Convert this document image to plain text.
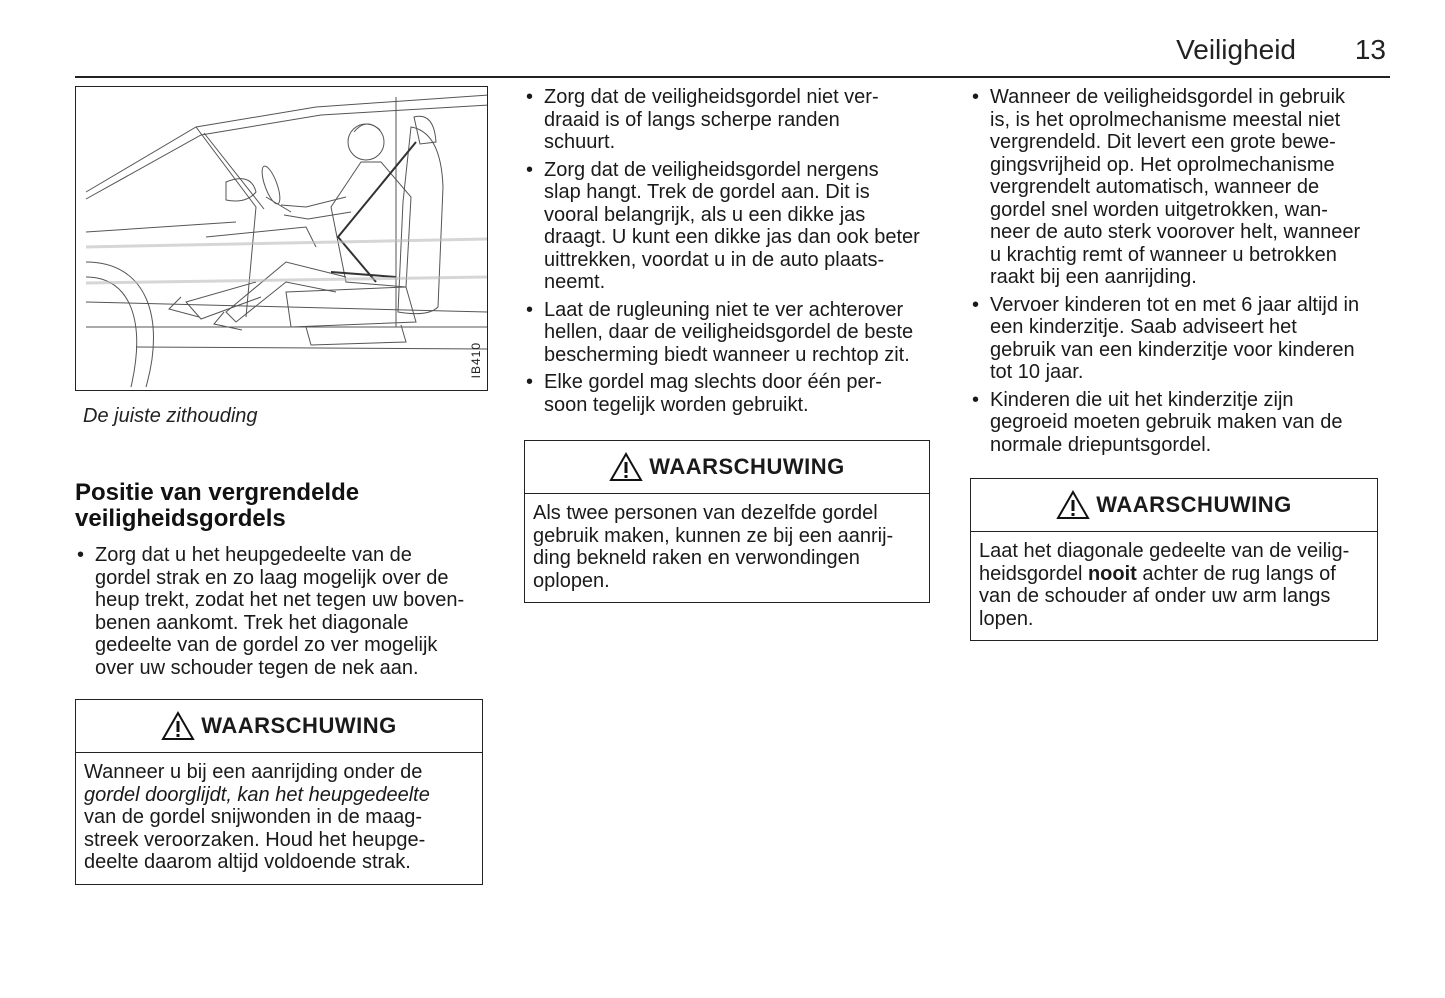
Veiligheid 13
IB410
De juiste zithouding
Positie van vergrendelde
veiligheidsgordels
• Zorg dat u het heupgedeelte van de
gordel strak en zo laag mogelijk over de
heup trekt, zodat het net tegen uw boven-
benen aankomt. Trek het diagonale
gedeelte van de gordel zo ver mogelijk
over uw schouder tegen de nek aan.
WAARSCHUWING
Wanneer u bij een aanrijding onder de
gordel doorglijdt, kan het heupgedeelte
van de gordel snijwonden in de maag-
streek veroorzaken. Houd het heupge-
deelte daarom altijd voldoende strak.
• Zorg dat de veiligheidsgordel niet ver-
draaid is of langs scherpe randen
schuurt.
• Zorg dat de veiligheidsgordel nergens
slap hangt. Trek de gordel aan. Dit is
vooral belangrijk, als u een dikke jas
draagt. U kunt een dikke jas dan ook beter
uittrekken, voordat u in de auto plaats-
neemt.
• Laat de rugleuning niet te ver achterover
hellen, daar de veiligheidsgordel de beste
bescherming biedt wanneer u rechtop zit.
• Elke gordel mag slechts door één per-
soon tegelijk worden gebruikt.
WAARSCHUWING
Als twee personen van dezelfde gordel
gebruik maken, kunnen ze bij een aanrij-
ding bekneld raken en verwondingen
oplopen.
• Wanneer de veiligheidsgordel in gebruik
is, is het oprolmechanisme meestal niet
vergrendeld. Dit levert een grote bewe-
gingsvrijheid op. Het oprolmechanisme
vergrendelt automatisch, wanneer de
gordel snel worden uitgetrokken, wan-
neer de auto sterk voorover helt, wanneer
u krachtig remt of wanneer u betrokken
raakt bij een aanrijding.
• Vervoer kinderen tot en met 6 jaar altijd in
een kinderzitje. Saab adviseert het
gebruik van een kinderzitje voor kinderen
tot 10 jaar.
• Kinderen die uit het kinderzitje zijn
gegroeid moeten gebruik maken van de
normale driepuntsgordel.
WAARSCHUWING
Laat het diagonale gedeelte van de veilig-
heidsgordel nooit achter de rug langs of
van de schouder af onder uw arm langs
lopen.
